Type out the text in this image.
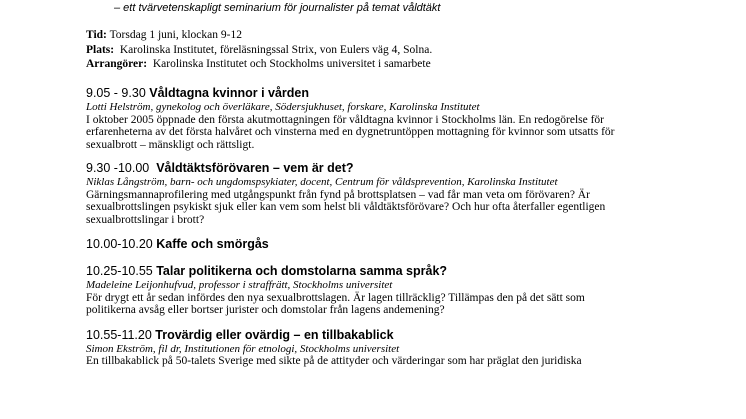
– ett tvärvetenskapligt seminarium för journalister på temat våldtäkt
Tid: Torsdag 1 juni, klockan 9-12
Plats: Karolinska Institutet, föreläsningssal Strix, von Eulers väg 4, Solna.
Arrangörer: Karolinska Institutet och Stockholms universitet i samarbete
9.05 - 9.30 Våldtagna kvinnor i vården
Lotti Helström, gynekolog och överläkare, Södersjukhuset, forskare, Karolinska Institutet
I oktober 2005 öppnade den första akutmottagningen för våldtagna kvinnor i Stockholms län. En redogörelse för
erfarenheterna av det första halvåret och vinsterna med en dygnetruntöppen mottagning för kvinnor som utsatts för
sexualbrott – mänskligt och rättsligt.
9.30 -10.00 Våldtäktsförövaren – vem är det?
Niklas Långström, barn- och ungdomspsykiater, docent, Centrum för våldsprevention, Karolinska Institutet
Gärningsmannaprofilering med utgångspunkt från fynd på brottsplatsen – vad får man veta om förövaren? Är
sexualbrottslingen psykiskt sjuk eller kan vem som helst bli våldtäktsförövare? Och hur ofta återfaller egentligen
sexualbrottslingar i brott?
10.00-10.20 Kaffe och smörgås
10.25-10.55 Talar politikerna och domstolarna samma språk?
Madeleine Leijonhufvud, professor i straffrätt, Stockholms universitet
För drygt ett år sedan infördes den nya sexualbrottslagen. Är lagen tillräcklig? Tillämpas den på det sätt som
politikerna avsåg eller bortser jurister och domstolar från lagens andemening?
10.55-11.20 Trovärdig eller ovärdig – en tillbakablick
Simon Ekström, fil dr, Institutionen för etnologi, Stockholms universitet
En tillbakablick på 50-talets Sverige med sikte på de attityder och värderingar som har präglat den juridiska
